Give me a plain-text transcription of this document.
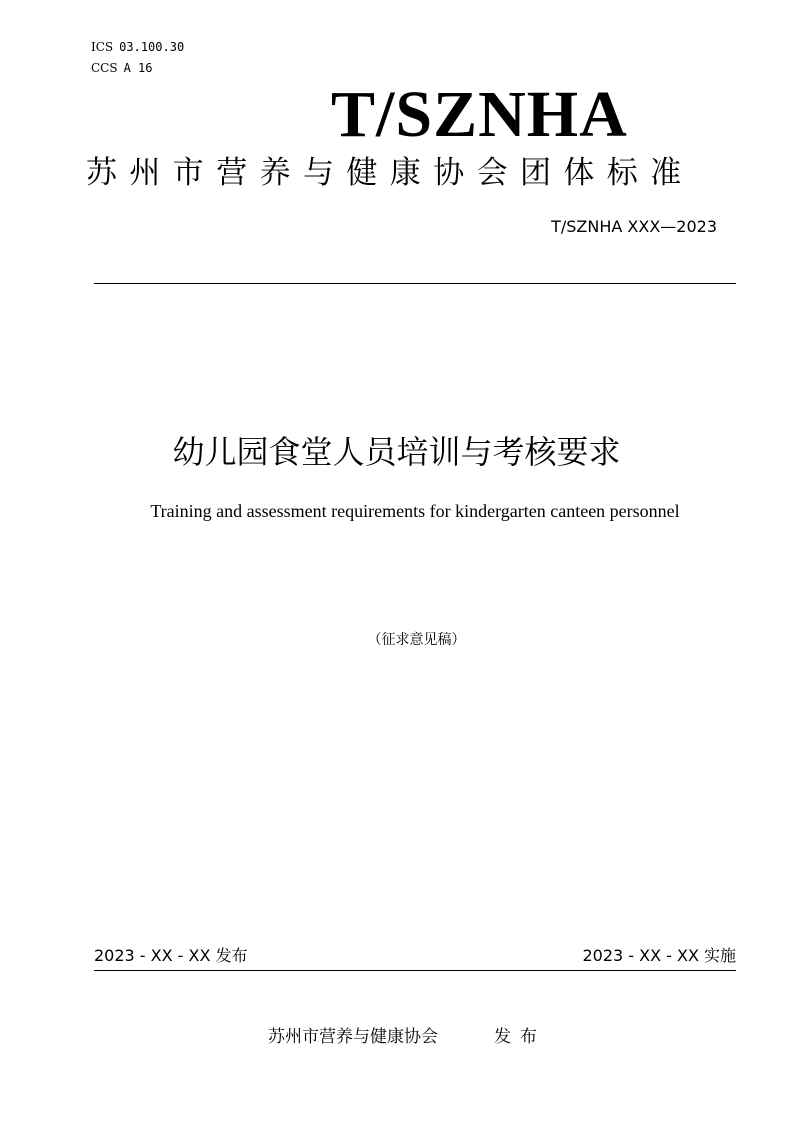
ICS 03.100.30
CCS A 16
T/SZNHA
苏州市营养与健康协会团体标准
T/SZNHA XXX—2023
幼儿园食堂人员培训与考核要求
Training and assessment requirements for kindergarten canteen personnel
（征求意见稿）
2023 - XX - XX 发布	2023 - XX - XX 实施
苏州市营养与健康协会	发布
